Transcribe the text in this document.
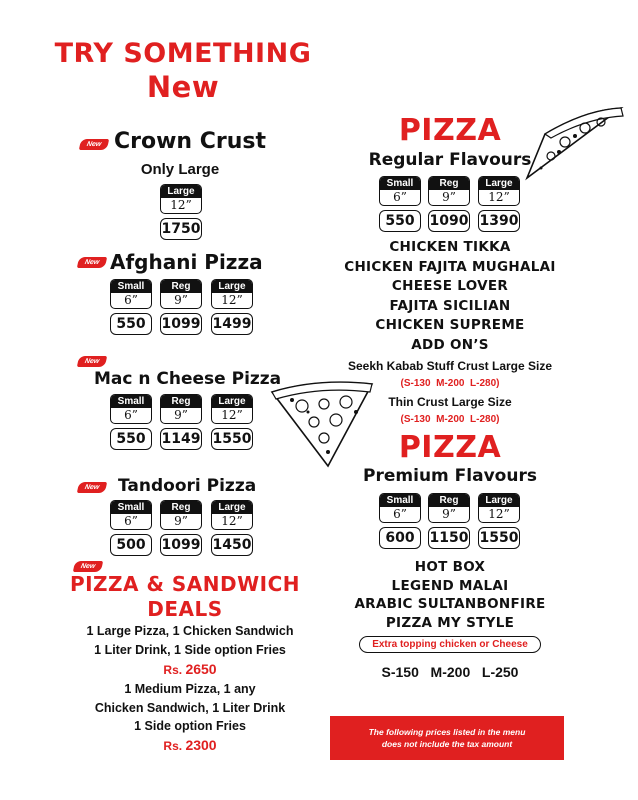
TRY SOMETHING
New
New Crown Crust
Only Large
Large
12”
1750
New Afghani Pizza
Small
6”
550
Reg
9”
1099
Large
12”
1499
New
Mac n Cheese Pizza
Small
6”
550
Reg
9”
1149
Large
12”
1550
New	Tandoori Pizza
Small
6”
500
Reg
9”
1099
Large
12”
1450
New
PIZZA & SANDWICH
DEALS
1 Large Pizza, 1 Chicken Sandwich
1 Liter Drink, 1 Side option Fries
Rs. 2650
1 Medium Pizza, 1 any
Chicken Sandwich, 1 Liter Drink
1 Side option Fries
Rs. 2300
PIZZA
Regular Flavours
Small
6”
550
Reg
9”
1090
Large
12”
1390
CHICKEN TIKKA
CHICKEN FAJITA MUGHALAI
CHEESE LOVER
FAJITA SICILIAN
CHICKEN SUPREME
ADD ON’S
Seekh Kabab Stuff Crust Large Size
(S-130  M-200  L-280)
Thin Crust Large Size
(S-130  M-200  L-280)
PIZZA
Premium Flavours
Small
6”
600
Reg
9”
1150
Large
12”
1550
HOT BOX
LEGEND MALAI
ARABIC SULTANBONFIRE
PIZZA MY STYLE
Extra topping chicken or Cheese
S-150   M-200   L-250
The following prices listed in the menu
does not include the tax amount
